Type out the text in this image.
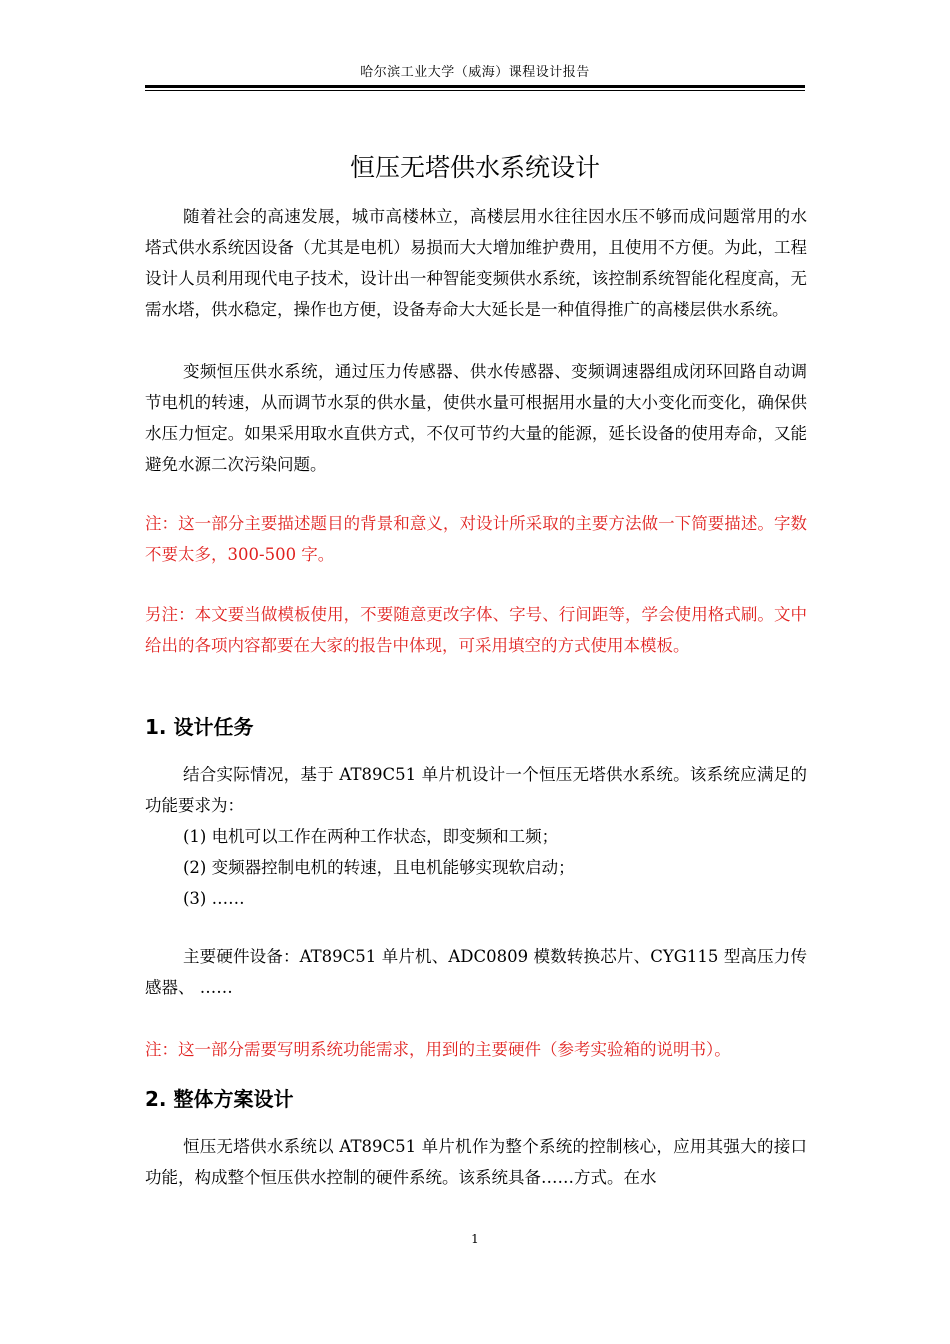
哈尔滨工业大学（威海）课程设计报告
恒压无塔供水系统设计

随着社会的高速发展，城市高楼林立，高楼层用水往往因水压不够而成问题常用的水塔式供水系统因设备（尤其是电机）易损而大大增加维护费用，且使用不方便。为此，工程设计人员利用现代电子技术，设计出一种智能变频供水系统，该控制系统智能化程度高，无需水塔，供水稳定，操作也方便，设备寿命大大延长是一种值得推广的高楼层供水系统。

变频恒压供水系统，通过压力传感器、供水传感器、变频调速器组成闭环回路自动调节电机的转速，从而调节水泵的供水量，使供水量可根据用水量的大小变化而变化，确保供水压力恒定。如果采用取水直供方式，不仅可节约大量的能源，延长设备的使用寿命，又能避免水源二次污染问题。

注：这一部分主要描述题目的背景和意义，对设计所采取的主要方法做一下简要描述。字数不要太多，300-500 字。

另注：本文要当做模板使用，不要随意更改字体、字号、行间距等，学会使用格式刷。文中给出的各项内容都要在大家的报告中体现，可采用填空的方式使用本模板。

1. 设计任务

结合实际情况，基于 AT89C51 单片机设计一个恒压无塔供水系统。该系统应满足的功能要求为：

(1) 电机可以工作在两种工作状态，即变频和工频；

(2) 变频器控制电机的转速，且电机能够实现软启动；

(3) ……

主要硬件设备：AT89C51 单片机、ADC0809 模数转换芯片、CYG115 型高压力传感器、 ……

注：这一部分需要写明系统功能需求，用到的主要硬件（参考实验箱的说明书）。

2. 整体方案设计

恒压无塔供水系统以 AT89C51 单片机作为整个系统的控制核心，应用其强大的接口功能，构成整个恒压供水控制的硬件系统。该系统具备……方式。在水

1
